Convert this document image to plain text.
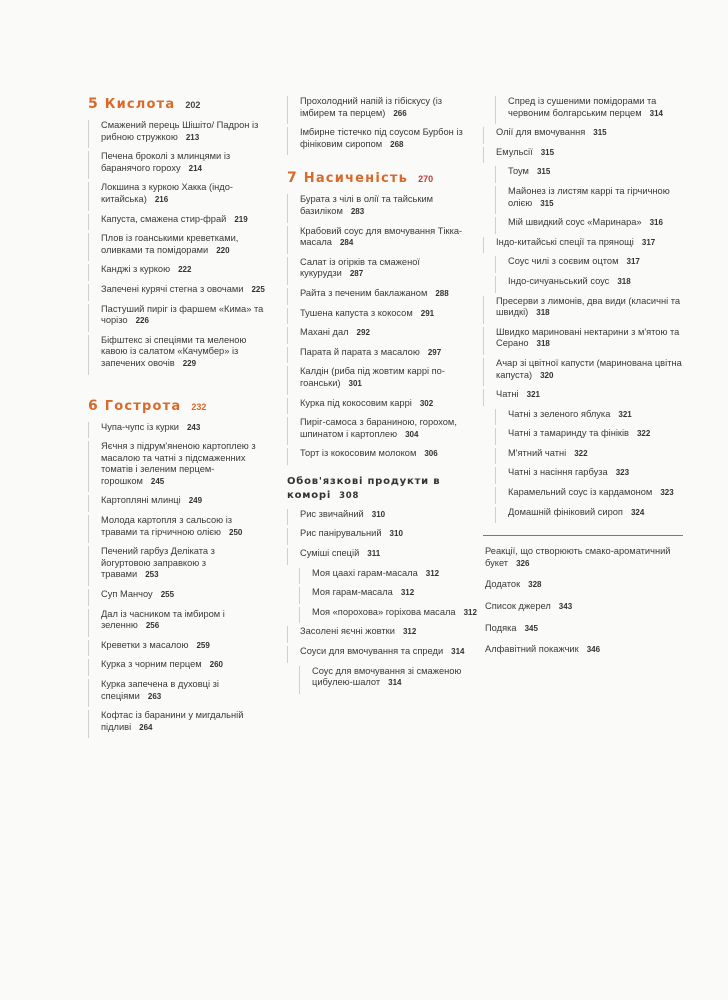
5 Кислота 202
Смажений перець Шішіто/ Падрон із рибною стружкою 213
Печена броколі з млинцями із баранячого гороху 214
Локшина з куркою Хакка (індо-китайська) 216
Капуста, смажена стир-фрай 219
Плов із гоанськими креветками, оливками та помідорами 220
Канджі з куркою 222
Запечені курячі стегна з овочами 225
Пастуший пиріг із фаршем «Кима» та чорізо 226
Біфштекс зі спеціями та меленою кавою із салатом «Качумбер» із запечених овочів 229
6 Гострота 232
Чупа-чупс із курки 243
Яєчня з підрум'яненою картоплею з масалою та чатні з підсмаженних томатів і зеленим перцем-горошком 245
Картопляні млинці 249
Молода картопля з сальсою із травами та гірчичною олією 250
Печений гарбуз Деліката з йогуртовою заправкою з травами 253
Суп Манчоу 255
Дал із часником та імбиром і зеленню 256
Креветки з масалою 259
Курка з чорним перцем 260
Курка запечена в духовці зі спеціями 263
Кофтас із баранини у мигдальній підливі 264
Прохолодний напій із гібіскусу (із імбирем та перцем) 266
Імбирне тістечко під соусом Бурбон із фініковим сиропом 268
7 Насиченість 270
Бурата з чілі в олії та тайським базиліком 283
Крабовий соус для вмочування Тікка-масала 284
Салат із огірків та смаженої кукурудзи 287
Райта з печеним баклажаном 288
Тушена капуста з кокосом 291
Махані дал 292
Парата й парата з масалою 297
Калдін (риба під жовтим каррі по-гоанськи) 301
Курка під кокосовим каррі 302
Пиріг-самоса з бараниною, горохом, шпинатом і картоплею 304
Торт із кокосовим молоком 306
Обов'язкові продукти в коморі 308
Рис звичайний 310
Рис панірувальний 310
Суміші спецій 311
Моя цаахі гарам-масала 312
Моя гарам-масала 312
Моя «порохова» горіхова масала 312
Засолені яєчні жовтки 312
Соуси для вмочування та спреди 314
Соус для вмочування зі смаженою цибулею-шалот 314
Спред із сушеними помідорами та червоним болгарським перцем 314
Олії для вмочування 315
Емульсії 315
Тоум 315
Майонез із листям каррі та гірчичною олією 315
Мій швидкий соус «Маринара» 316
Індо-китайські спеції та прянощі 317
Соус чилі з соєвим оцтом 317
Індо-сичуаньський соус 318
Пресерви з лимонів, два види (класичні та швидкі) 318
Швидко мариновані нектарини з м'ятою та Серано 318
Ачар зі цвітної капусти (маринована цвітна капуста) 320
Чатні 321
Чатні з зеленого яблука 321
Чатні з тамаринду та фініків 322
М'ятний чатні 322
Чатні з насіння гарбуза 323
Карамельний соус із кардамоном 323
Домашній фініковий сироп 324
Реакції, що створюють смако-ароматичний букет 326
Додаток 328
Список джерел 343
Подяка 345
Алфавітний покажчик 346
